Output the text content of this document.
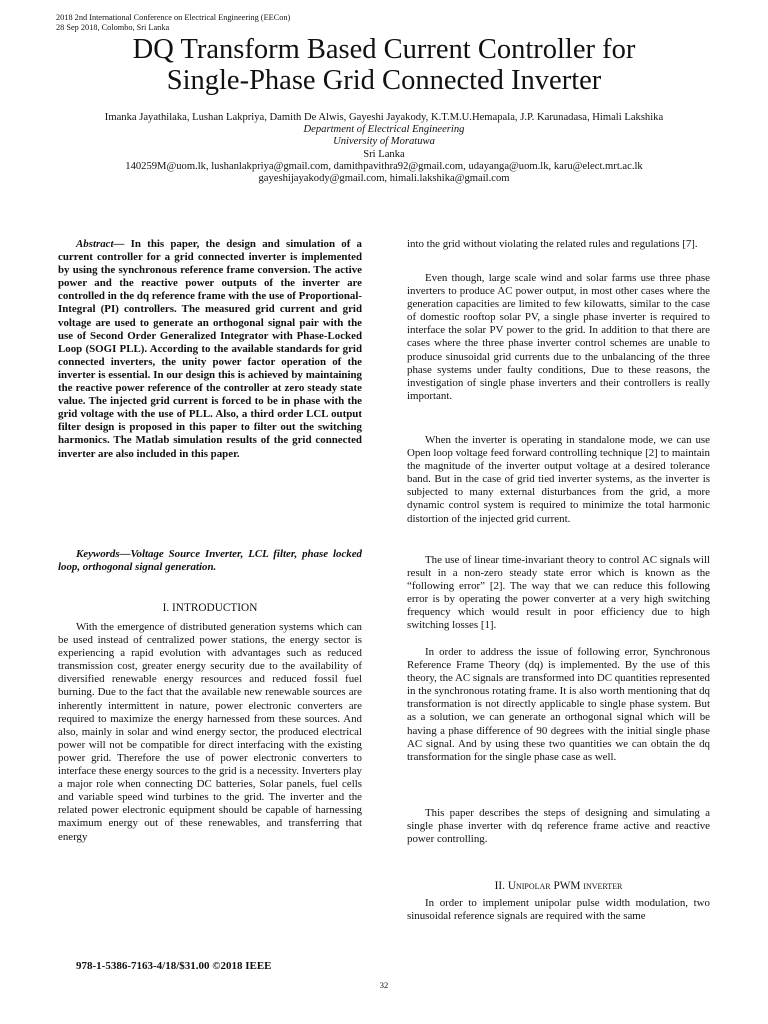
2018 2nd International Conference on Electrical Engineering (EECon)
28 Sep 2018, Colombo, Sri Lanka
DQ Transform Based Current Controller for
Single-Phase Grid Connected Inverter
Imanka Jayathilaka, Lushan Lakpriya, Damith De Alwis, Gayeshi Jayakody, K.T.M.U.Hemapala, J.P. Karunadasa, Himali Lakshika
Department of Electrical Engineering
University of Moratuwa
Sri Lanka
140259M@uom.lk, lushanlakpriya@gmail.com, damithpavithra92@gmail.com, udayanga@uom.lk, karu@elect.mrt.ac.lk
gayeshijayakody@gmail.com, himali.lakshika@gmail.com

Abstract— In this paper, the design and simulation of a current controller for a grid connected inverter is implemented by using the synchronous reference frame conversion. The active power and the reactive power outputs of the inverter are controlled in the dq reference frame with the use of Proportional-Integral (PI) controllers. The measured grid current and grid voltage are used to generate an orthogonal signal pair with the use of Second Order Generalized Integrator with Phase-Locked Loop (SOGI PLL). According to the available standards for grid connected inverters, the unity power factor operation of the inverter is essential. In our design this is achieved by maintaining the reactive power reference of the controller at zero steady state value. The injected grid current is forced to be in phase with the grid voltage with the use of PLL. Also, a third order LCL output filter design is proposed in this paper to filter out the switching harmonics. The Matlab simulation results of the grid connected inverter are also included in this paper.

Keywords—Voltage Source Inverter, LCL filter, phase locked loop, orthogonal signal generation.

I. INTRODUCTION

With the emergence of distributed generation systems which can be used instead of centralized power stations, the energy sector is experiencing a rapid evolution with advantages such as reduced transmission cost, greater energy security due to the availability of diversified renewable energy resources and reduced fossil fuel burning. Due to the fact that the available new renewable sources are inherently intermittent in nature, power electronic converters are required to maximize the energy harnessed from these sources. And also, mainly in solar and wind energy sector, the produced electrical power will not be compatible for direct interfacing with the existing power grid. Therefore the use of power electronic converters to interface these energy sources to the grid is a necessity. Inverters play a major role when connecting DC batteries, Solar panels, fuel cells and variable speed wind turbines to the grid. The inverter and the related power electronic equipment should be capable of harnessing maximum energy out of these renewables, and transferring that energy

into the grid without violating the related rules and regulations [7].

Even though, large scale wind and solar farms use three phase inverters to produce AC power output, in most other cases where the generation capacities are limited to few kilowatts, similar to the case of domestic rooftop solar PV, a single phase inverter is required to interface the solar PV power to the grid. In addition to that there are cases where the three phase inverter control schemes are unable to produce sinusoidal grid currents due to the unbalancing of the three phase systems under faulty conditions, Due to these reasons, the investigation of single phase inverters and their controllers is really important.

When the inverter is operating in standalone mode, we can use Open loop voltage feed forward controlling technique [2] to maintain the magnitude of the inverter output voltage at a desired tolerance band. But in the case of grid tied inverter systems, as the inverter is subjected to many external disturbances from the grid, a more dynamic control system is required to minimize the total harmonic distortion of the injected grid current.

The use of linear time-invariant theory to control AC signals will result in a non-zero steady state error which is known as the “following error” [2]. The way that we can reduce this following error is by operating the power converter at a very high switching frequency which would result in poor efficiency due to high switching losses [1].

In order to address the issue of following error, Synchronous Reference Frame Theory (dq) is implemented. By the use of this theory, the AC signals are transformed into DC quantities represented in the synchronous rotating frame. It is also worth mentioning that dq transformation is not directly applicable to single phase system. But as a solution, we can generate an orthogonal signal which will be having a phase difference of 90 degrees with the initial single phase AC signal. And by using these two quantities we can obtain the dq transformation for the single phase case as well.

This paper describes the steps of designing and simulating a single phase inverter with dq reference frame active and reactive power controlling.

II. Unipolar PWM inverter

In order to implement unipolar pulse width modulation, two sinusoidal reference signals are required with the same

978-1-5386-7163-4/18/$31.00 ©2018 IEEE
32
